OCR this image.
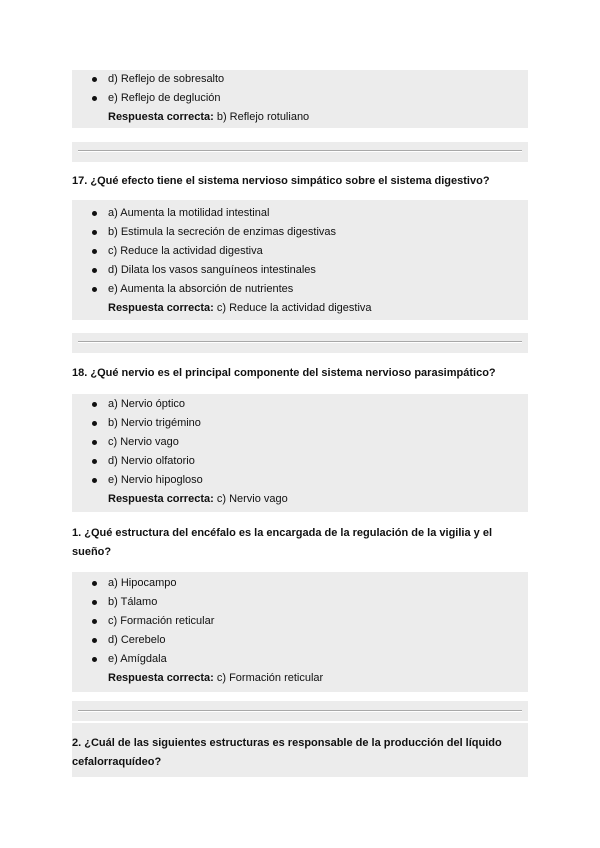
d) Reflejo de sobresalto
e) Reflejo de deglución
Respuesta correcta: b) Reflejo rotuliano
17. ¿Qué efecto tiene el sistema nervioso simpático sobre el sistema digestivo?
a) Aumenta la motilidad intestinal
b) Estimula la secreción de enzimas digestivas
c) Reduce la actividad digestiva
d) Dilata los vasos sanguíneos intestinales
e) Aumenta la absorción de nutrientes
Respuesta correcta: c) Reduce la actividad digestiva
18. ¿Qué nervio es el principal componente del sistema nervioso parasimpático?
a) Nervio óptico
b) Nervio trigémino
c) Nervio vago
d) Nervio olfatorio
e) Nervio hipogloso
Respuesta correcta: c) Nervio vago
1. ¿Qué estructura del encéfalo es la encargada de la regulación de la vigilia y el sueño?
a) Hipocampo
b) Tálamo
c) Formación reticular
d) Cerebelo
e) Amígdala
Respuesta correcta: c) Formación reticular
2. ¿Cuál de las siguientes estructuras es responsable de la producción del líquido cefalorraquídeo?
